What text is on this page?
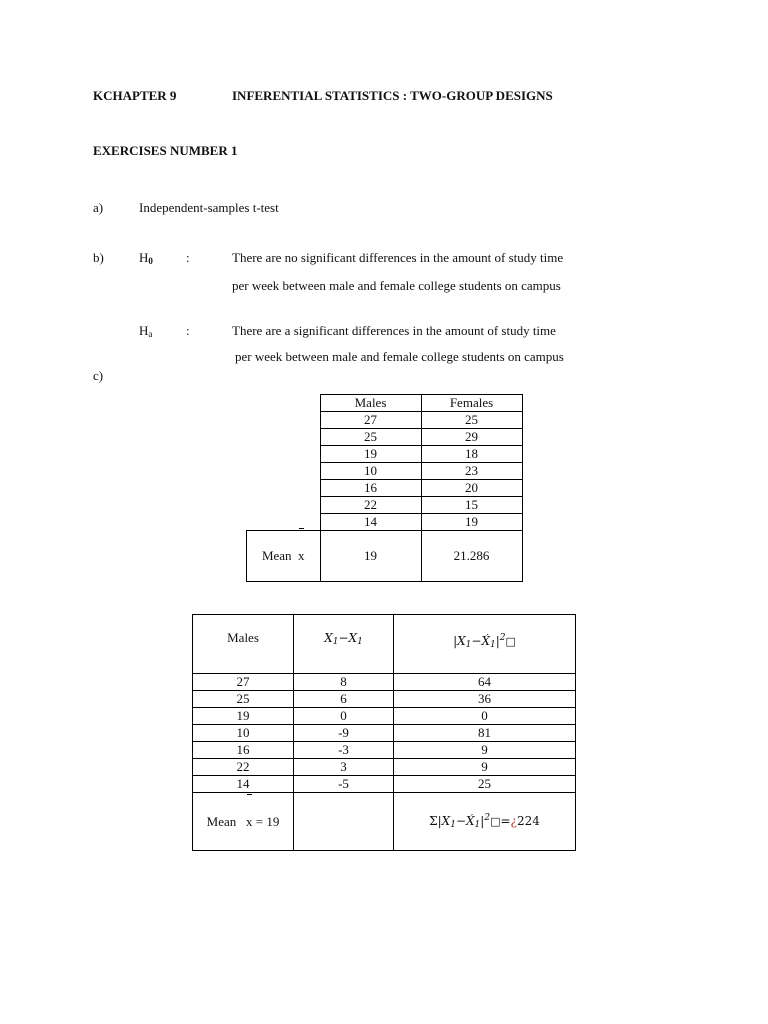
KCHAPTER 9	INFERENTIAL STATISTICS : TWO-GROUP DESIGNS
EXERCISES NUMBER 1
a)	Independent-samples t-test
b)	$H_0$	:	There are no significant differences in the amount of study time
per week between male and female college students on campus
$H_a$	:	There are a significant differences in the amount of study time
per week between male and female college students on campus
c)
	Males	Females
	27	25
	25	29
	19	18
	10	23
	16	20
	22	15
	14	19
Mean x	19	21.286
Males	$X_1-X_1$	$|X_1-X́_1|^2□$
27	8	64
25	6	36
19	0	0
10	-9	81
16	-3	9
22	3	9
14	-5	25
Mean x = 19		$\Sigma|X_1-X́_1|^2□=¿224$
